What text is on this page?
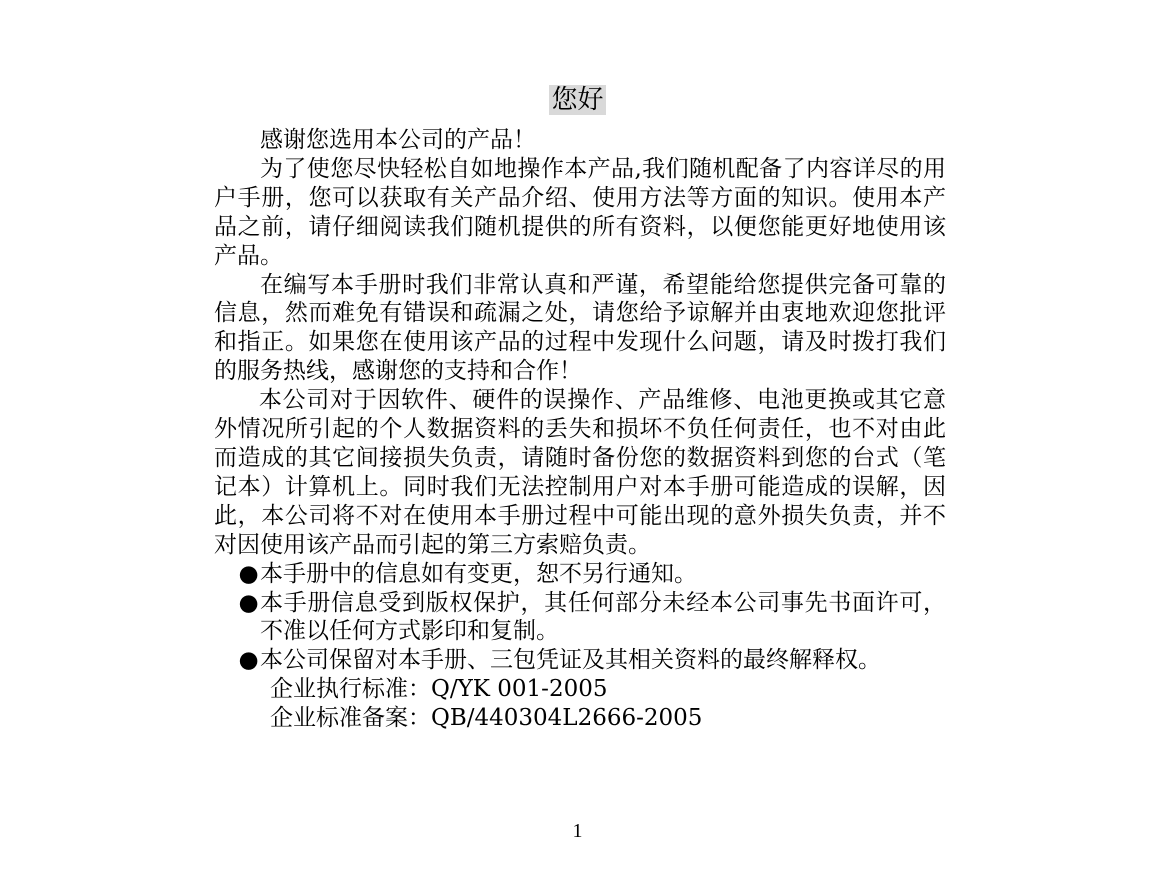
您好

感谢您选用本公司的产品！

为了使您尽快轻松自如地操作本产品,我们随机配备了内容详尽的用户手册，您可以获取有关产品介绍、使用方法等方面的知识。使用本产品之前，请仔细阅读我们随机提供的所有资料，以便您能更好地使用该产品。

在编写本手册时我们非常认真和严谨，希望能给您提供完备可靠的信息，然而难免有错误和疏漏之处，请您给予谅解并由衷地欢迎您批评和指正。如果您在使用该产品的过程中发现什么问题，请及时拨打我们的服务热线，感谢您的支持和合作！

本公司对于因软件、硬件的误操作、产品维修、电池更换或其它意外情况所引起的个人数据资料的丢失和损坏不负任何责任，也不对由此而造成的其它间接损失负责，请随时备份您的数据资料到您的台式（笔记本）计算机上。同时我们无法控制用户对本手册可能造成的误解，因此，本公司将不对在使用本手册过程中可能出现的意外损失负责，并不对因使用该产品而引起的第三方索赔负责。

● 本手册中的信息如有变更，恕不另行通知。
● 本手册信息受到版权保护，其任何部分未经本公司事先书面许可，不准以任何方式影印和复制。
● 本公司保留对本手册、三包凭证及其相关资料的最终解释权。
企业执行标准：Q/YK 001-2005
企业标准备案：QB/440304L2666-2005
1
